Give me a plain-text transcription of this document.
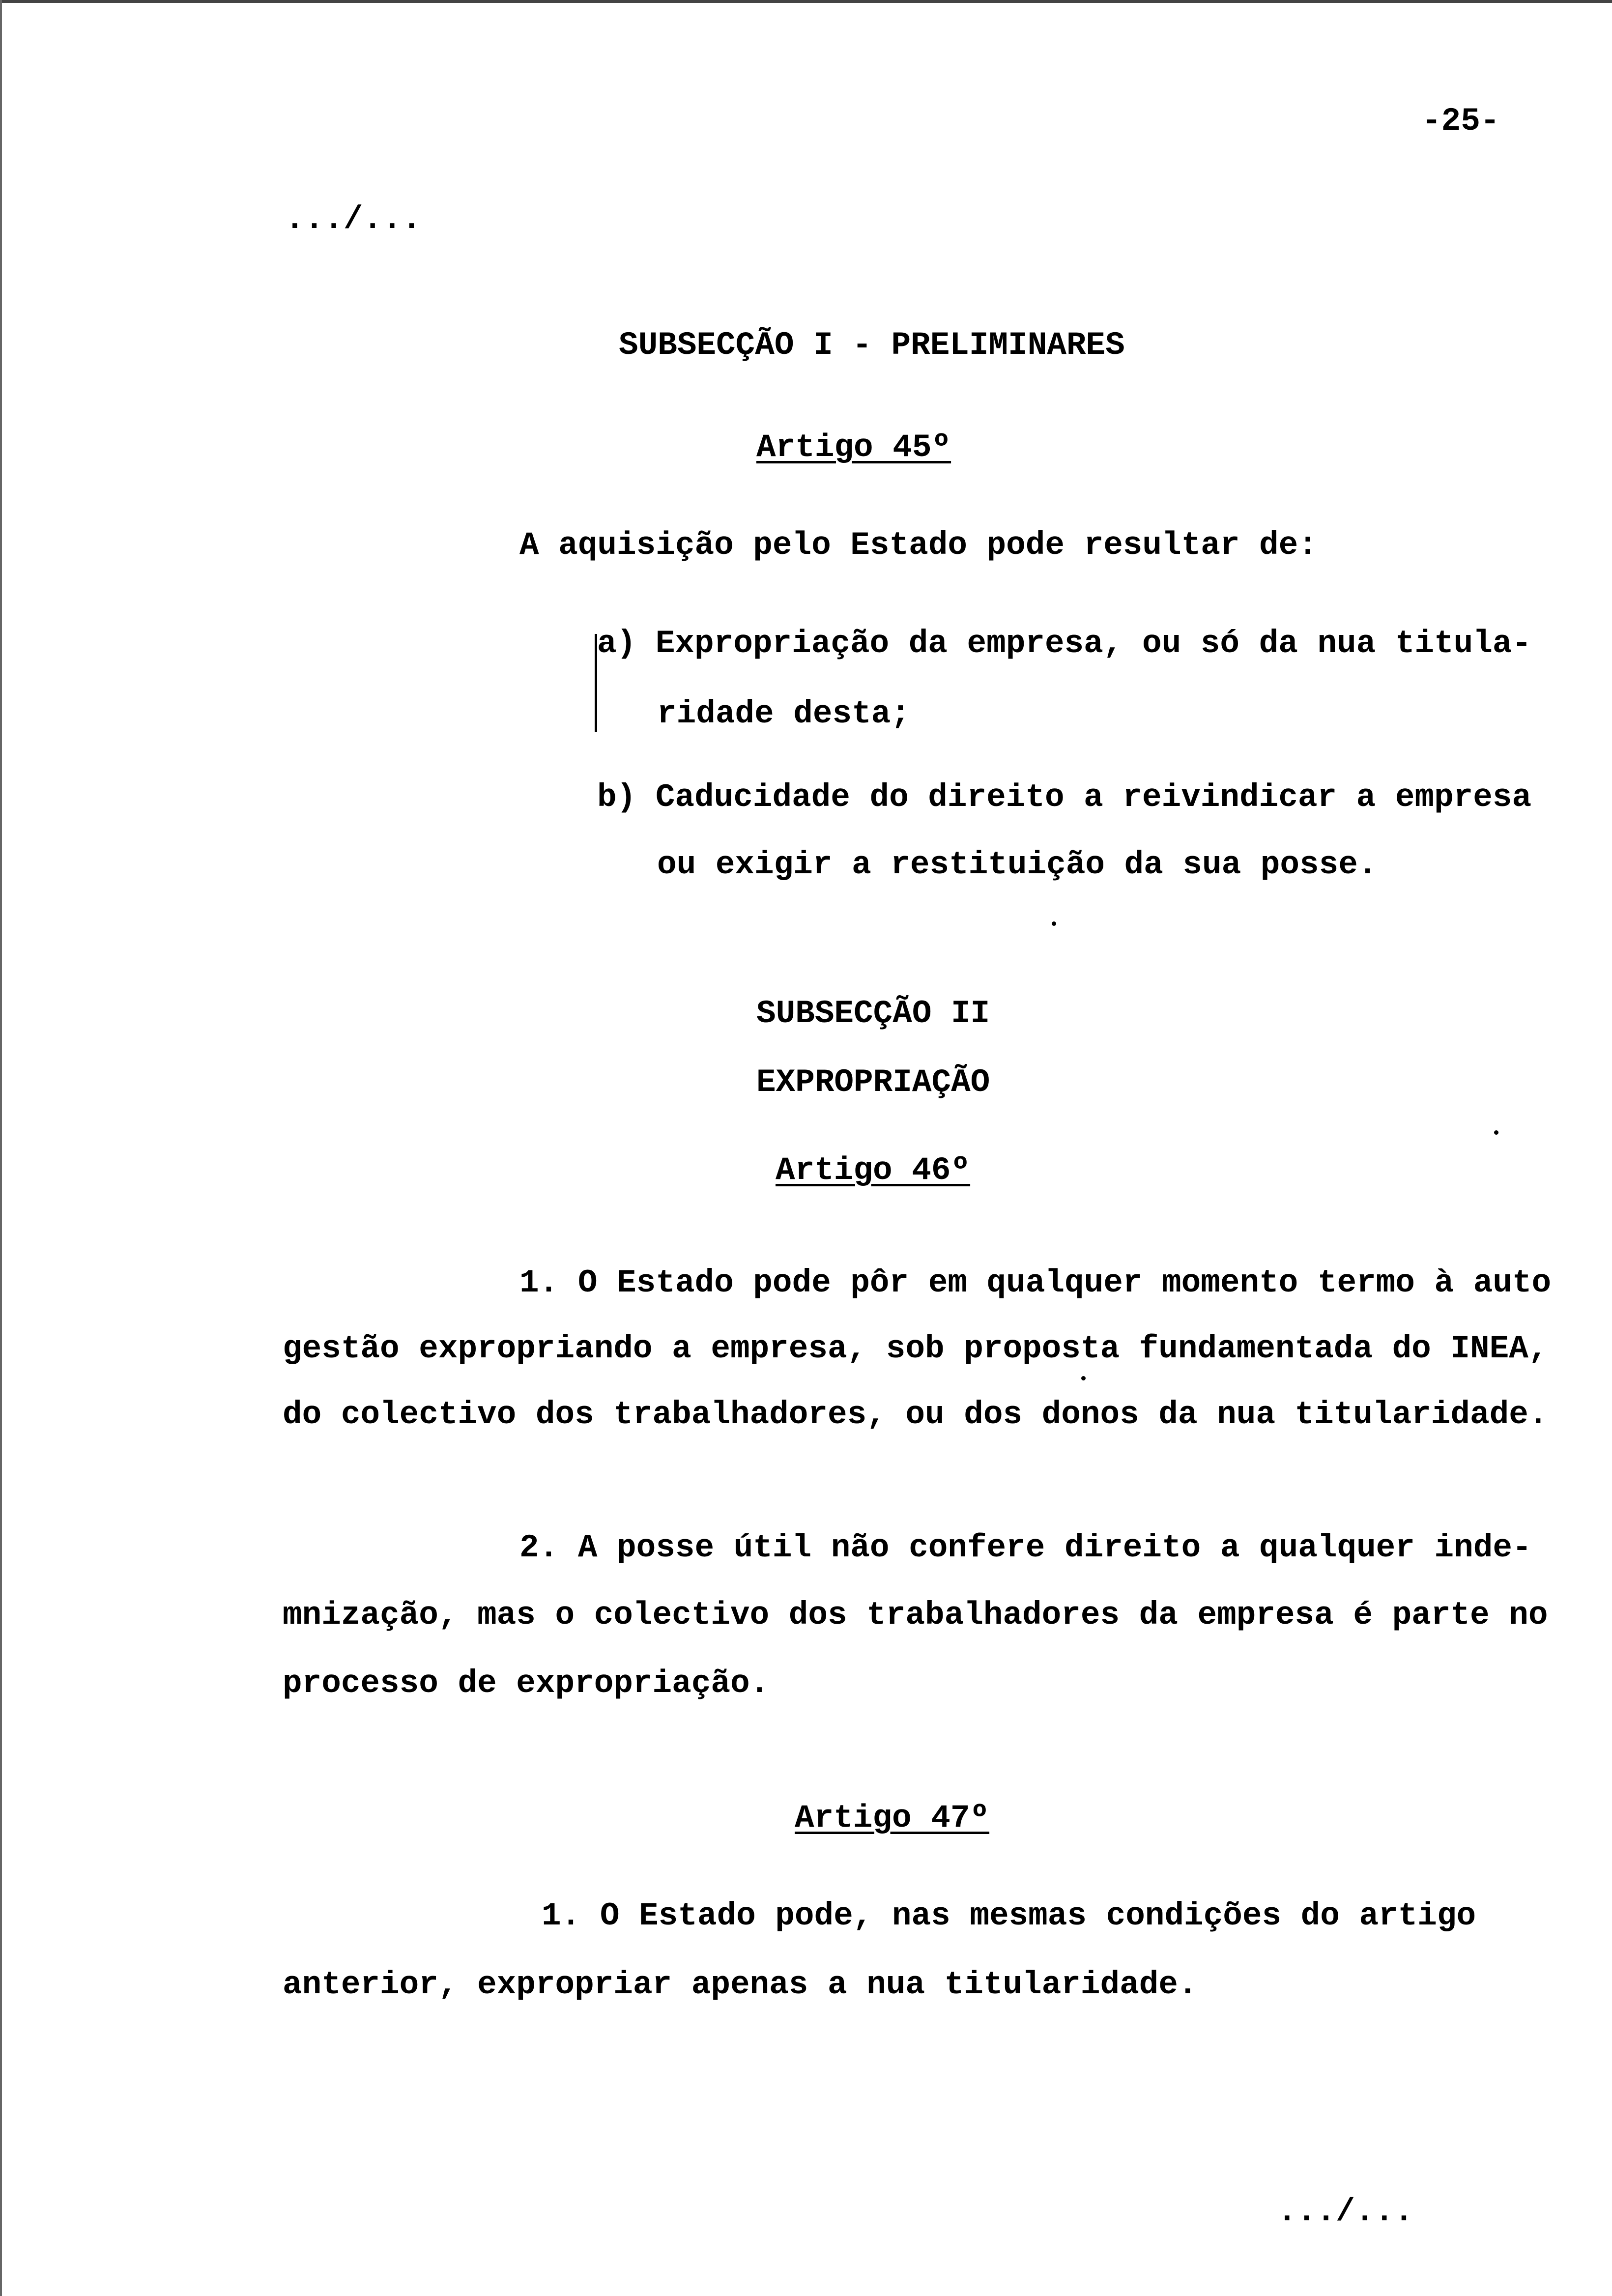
-25-
.../...
SUBSECÇÃO I - PRELIMINARES
Artigo 45º
A aquisição pelo Estado pode resultar de:
a) Expropriação da empresa, ou só da nua titula-
ridade desta;
b) Caducidade do direito a reivindicar a empresa
ou exigir a restituição da sua posse.
SUBSECÇÃO II
EXPROPRIAÇÃO
Artigo 46º
1. O Estado pode pôr em qualquer momento termo à auto
gestão expropriando a empresa, sob proposta fundamentada do INEA,
do colectivo dos trabalhadores, ou dos donos da nua titularidade.
2. A posse útil não confere direito a qualquer inde-
mnização, mas o colectivo dos trabalhadores da empresa é parte no
processo de expropriação.
Artigo 47º
1. O Estado pode, nas mesmas condições do artigo
anterior, expropriar apenas a nua titularidade.
.../...
